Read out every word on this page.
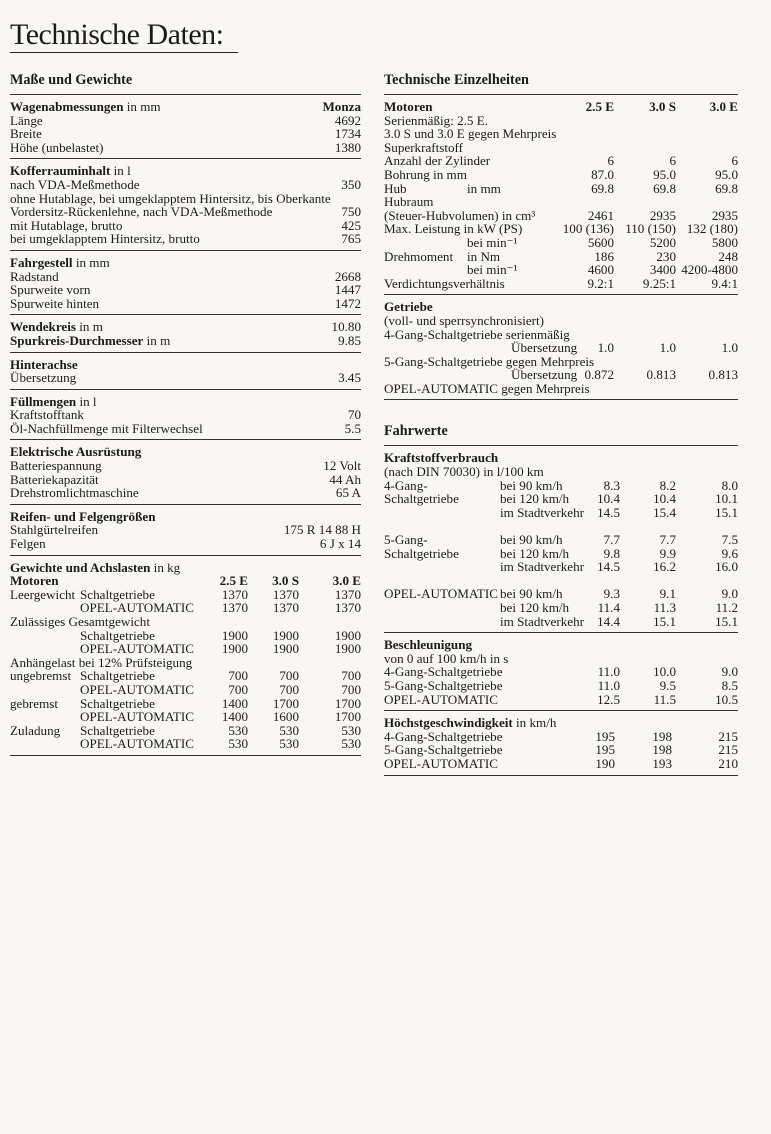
Technische Daten:
Maße und Gewichte
Wagenabmessungen in mm	Monza
Länge	4692
Breite	1734
Höhe (unbelastet)	1380
Kofferrauminhalt in l
nach VDA-Meßmethode	350
ohne Hutablage, bei umgeklapptem Hintersitz, bis Oberkante
Vordersitz-Rückenlehne, nach VDA-Meßmethode	750
mit Hutablage, brutto	425
bei umgeklapptem Hintersitz, brutto	765
Fahrgestell in mm
Radstand	2668
Spurweite vorn	1447
Spurweite hinten	1472
Wendekreis in m	10.80
Spurkreis-Durchmesser in m	9.85
Hinterachse
Übersetzung	3.45
Füllmengen in l
Kraftstofftank	70
Öl-Nachfüllmenge mit Filterwechsel	5.5
Elektrische Ausrüstung
Batteriespannung	12 Volt
Batteriekapazität	44 Ah
Drehstromlichtmaschine	65 A
Reifen- und Felgengrößen
Stahlgürtelreifen	175 R 14 88 H
Felgen	6 J x 14
Gewichte und Achslasten in kg
Motoren	2.5 E 3.0 S	3.0 E
Leergewicht Schaltgetriebe	1370 1370	1370
OPEL-AUTOMATIC 1370 1370	1370
Zulässiges Gesamtgewicht
Schaltgetriebe	1900 1900	1900
OPEL-AUTOMATIC 1900 1900	1900
Anhängelast bei 12% Prüfsteigung
ungebremst Schaltgetriebe	700 700	700
OPEL-AUTOMATIC	700 700	700
gebremst Schaltgetriebe	1400 1700	1700
OPEL-AUTOMATIC 1400 1600	1700
Zuladung Schaltgetriebe	530 530	530
OPEL-AUTOMATIC	530 530	530
Technische Einzelheiten
Motoren	2.5 E	3.0 S	3.0 E
Serienmäßig: 2.5 E.
3.0 S und 3.0 E gegen Mehrpreis
Superkraftstoff
Anzahl der Zylinder	6	6	6
Bohrung in mm	87.0	95.0	95.0
Hub	in mm	69.8	69.8	69.8
Hubraum
(Steuer-Hubvolumen) in cm³	2461	2935	2935
Max. Leistung in kW (PS)	100 (136) 110 (150) 132 (180)
bei min⁻¹	5600	5200	5800
Drehmoment in Nm	186	230	248
bei min⁻¹	4600	3400 4200-4800
Verdichtungsverhältnis	9.2:1 9.25:1	9.4:1
Getriebe
(voll- und sperrsynchronisiert)
4-Gang-Schaltgetriebe serienmäßig
Übersetzung 1.0	1.0	1.0
5-Gang-Schaltgetriebe gegen Mehrpreis
Übersetzung 0.872 0.813 0.813
OPEL-AUTOMATIC gegen Mehrpreis
Fahrwerte
Kraftstoffverbrauch
(nach DIN 70030) in l/100 km
4-Gang-	bei 90 km/h	8.3	8.2	8.0
Schaltgetriebe	bei 120 km/h 10.4	10.4	10.1
im Stadtverkehr 14.5	15.4	15.1
5-Gang-	bei 90 km/h	7.7	7.7	7.5
Schaltgetriebe	bei 120 km/h	9.8	9.9	9.6
im Stadtverkehr 14.5	16.2	16.0
OPEL-AUTOMATIC bei 90 km/h	9.3	9.1	9.0
bei 120 km/h 11.4	11.3	11.2
im Stadtverkehr 14.4	15.1	15.1
Beschleunigung
von 0 auf 100 km/h in s
4-Gang-Schaltgetriebe	11.0	10.0	9.0
5-Gang-Schaltgetriebe	11.0	9.5	8.5
OPEL-AUTOMATIC	12.5	11.5	10.5
Höchstgeschwindigkeit in km/h
4-Gang-Schaltgetriebe	195	198	215
5-Gang-Schaltgetriebe	195	198	215
OPEL-AUTOMATIC	190	193	210
